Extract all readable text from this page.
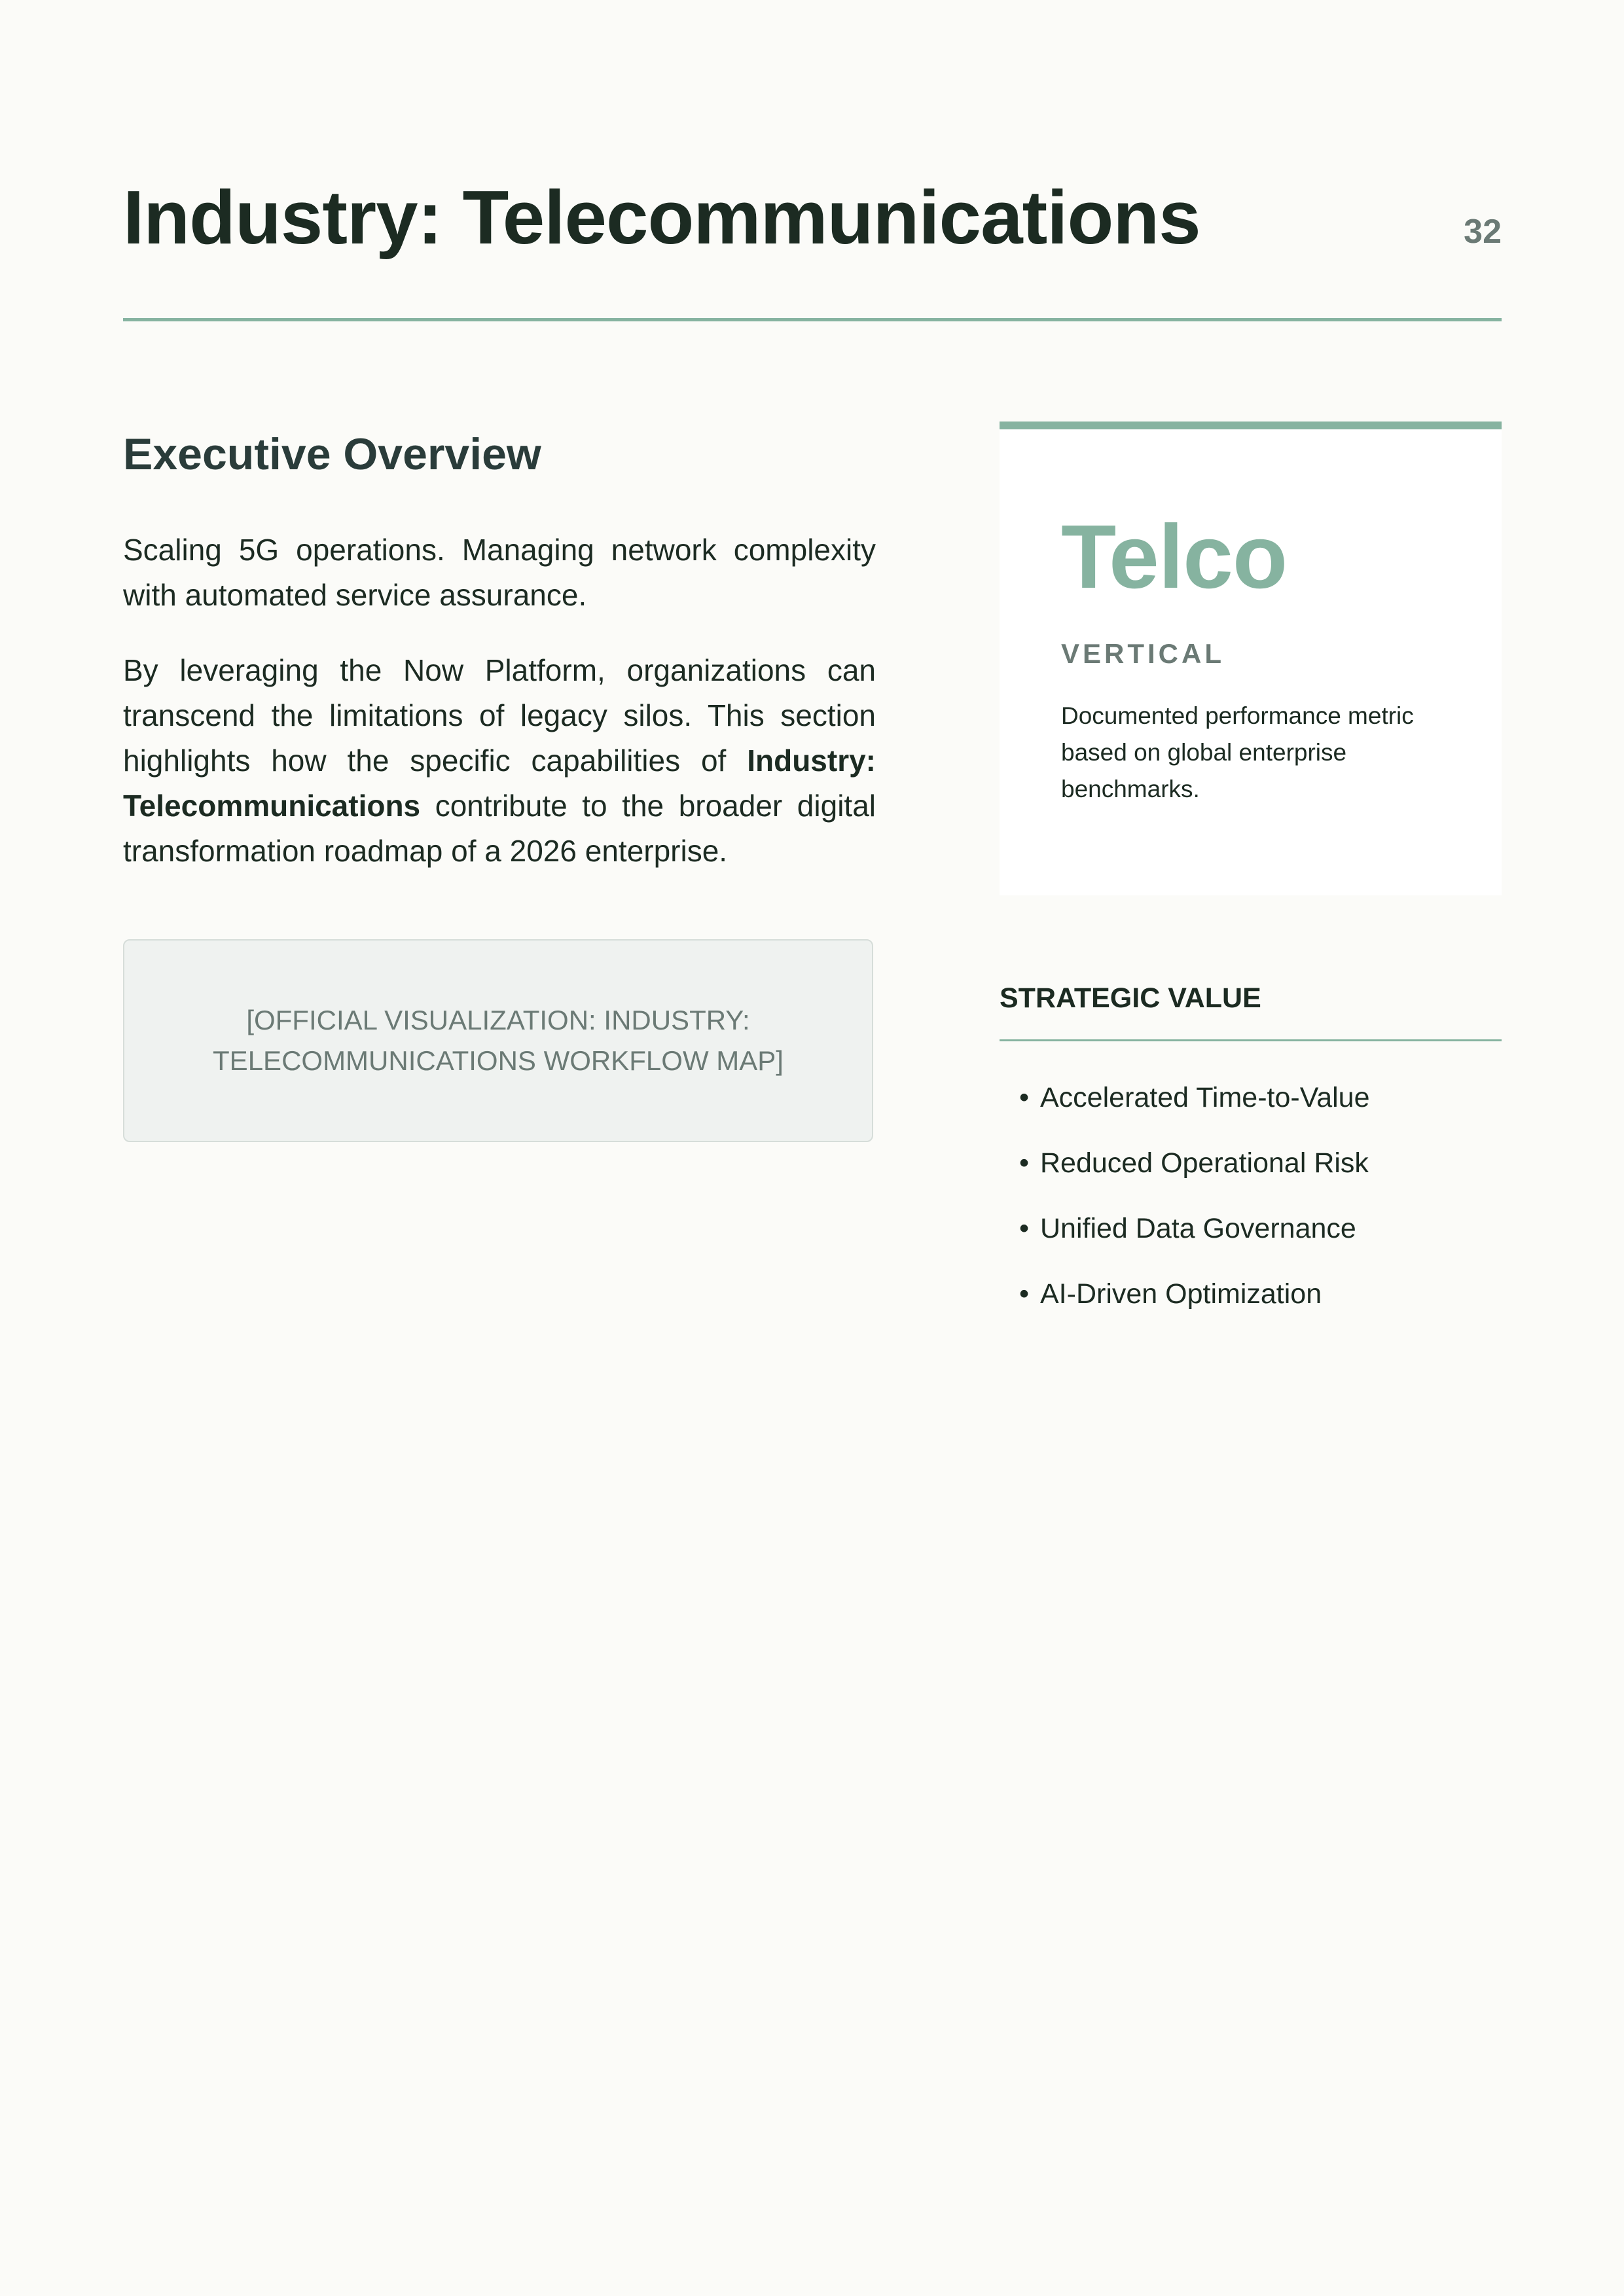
Industry: Telecommunications	32
Executive Overview

Scaling 5G operations. Managing network complexity with automated service assurance.

By leveraging the Now Platform, organizations can transcend the limitations of legacy silos. This section highlights how the specific capabilities of Industry: Telecommunications contribute to the broader digital transformation roadmap of a 2026 enterprise.

[OFFICIAL VISUALIZATION: INDUSTRY: TELECOMMUNICATIONS WORKFLOW MAP]
Telco
VERTICAL
Documented performance metric based on global enterprise benchmarks.
STRATEGIC VALUE
• Accelerated Time-to-Value
• Reduced Operational Risk
• Unified Data Governance
• AI-Driven Optimization
